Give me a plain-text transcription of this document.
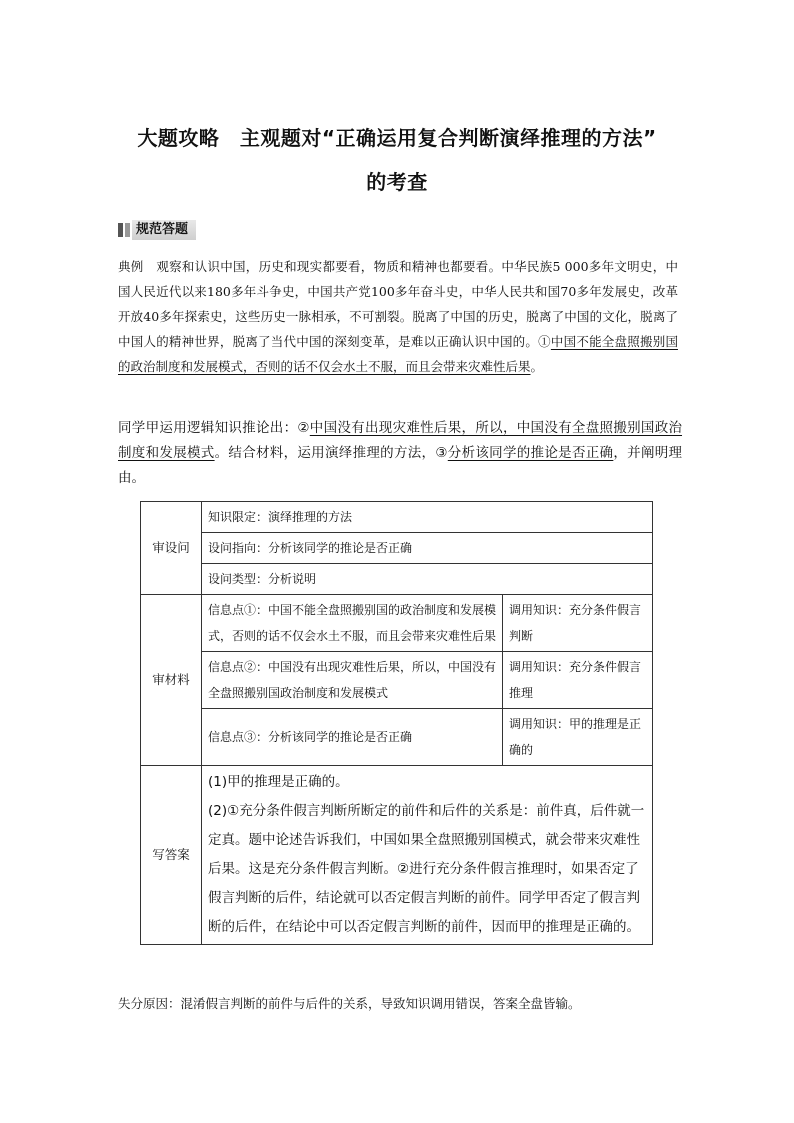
大题攻略　主观题对“正确运用复合判断演绎推理的方法”
的考查
规范答题
典例　观察和认识中国，历史和现实都要看，物质和精神也都要看。中华民族5 000多年文明史，中国人民近代以来180多年斗争史，中国共产党100多年奋斗史，中华人民共和国70多年发展史，改革开放40多年探索史，这些历史一脉相承，不可割裂。脱离了中国的历史，脱离了中国的文化，脱离了中国人的精神世界，脱离了当代中国的深刻变革，是难以正确认识中国的。①中国不能全盘照搬别国的政治制度和发展模式，否则的话不仅会水土不服，而且会带来灾难性后果。
同学甲运用逻辑知识推论出：②中国没有出现灾难性后果，所以，中国没有全盘照搬别国政治制度和发展模式。结合材料，运用演绎推理的方法，③分析该同学的推论是否正确，并阐明理由。
审设问	知识限定：演绎推理的方法	
	设问指向：分析该同学的推论是否正确	
	设问类型：分析说明	
审材料	信息点①：中国不能全盘照搬别国的政治制度和发展模式，否则的话不仅会水土不服，而且会带来灾难性后果	调用知识：充分条件假言判断
	信息点②：中国没有出现灾难性后果，所以，中国没有全盘照搬别国政治制度和发展模式	调用知识：充分条件假言推理
	信息点③：分析该同学的推论是否正确	调用知识：甲的推理是正确的
写答案	(1)甲的推理是正确的。
(2)①充分条件假言判断所断定的前件和后件的关系是：前件真，后件就一定真。题中论述告诉我们，中国如果全盘照搬别国模式，就会带来灾难性后果。这是充分条件假言判断。②进行充分条件假言推理时，如果否定了假言判断的后件，结论就可以否定假言判断的前件。同学甲否定了假言判断的后件，在结论中可以否定假言判断的前件，因而甲的推理是正确的。	
失分原因：混淆假言判断的前件与后件的关系，导致知识调用错误，答案全盘皆输。
